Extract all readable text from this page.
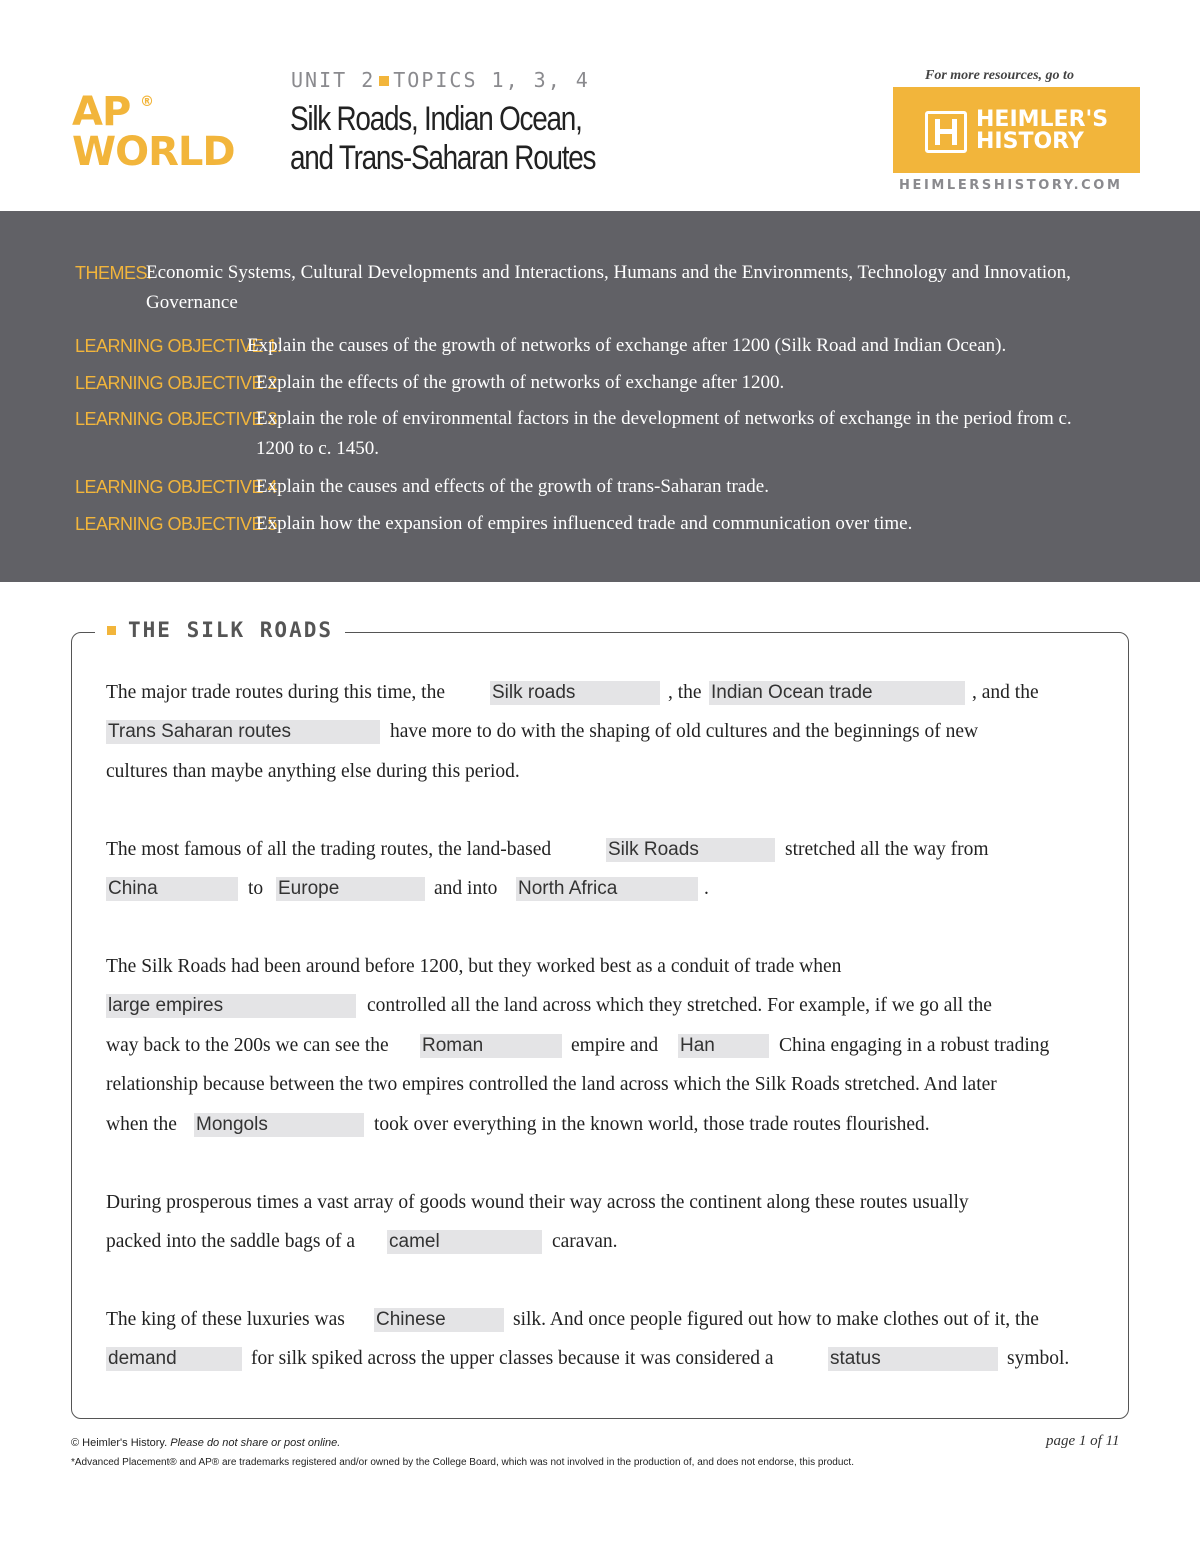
AP ®
WORLD
UNIT 2 TOPICS 1, 3, 4
Silk Roads, Indian Ocean,
and Trans-Saharan Routes
For more resources, go to
HEIMLER'S
HISTORY
HEIMLERSHISTORY.COM
THEMES:
Economic Systems, Cultural Developments and Interactions, Humans and the Environments, Technology and Innovation, Governance
LEARNING OBJECTIVE 1:
Explain the causes of the growth of networks of exchange after 1200 (Silk Road and Indian Ocean).
LEARNING OBJECTIVE 2:
Explain the effects of the growth of networks of exchange after 1200.
LEARNING OBJECTIVE 3:
Explain the role of environmental factors in the development of networks of exchange in the period from c. 1200 to c. 1450.
LEARNING OBJECTIVE 4:
Explain the causes and effects of the growth of trans-Saharan trade.
LEARNING OBJECTIVE 5:
Explain how the expansion of empires influenced trade and communication over time.
THE SILK ROADS
The major trade routes during this time, the Silk roads	, the Indian Ocean trade	, and the
Trans Saharan routes	have more to do with the shaping of old cultures and the beginnings of new
cultures than maybe anything else during this period.
The most famous of all the trading routes, the land-based	Silk Roads	stretched all the way from
China	to Europe	and into North Africa	.
The Silk Roads had been around before 1200, but they worked best as a conduit of trade when
large empires	controlled all the land across which they stretched. For example, if we go all the
way back to the 200s we can see the Roman	empire and Han	China engaging in a robust trading
relationship because between the two empires controlled the land across which the Silk Roads stretched. And later
when the Mongols	took over everything in the known world, those trade routes flourished.
During prosperous times a vast array of goods wound their way across the continent along these routes usually
packed into the saddle bags of a camel	caravan.
The king of these luxuries was Chinese	silk. And once people figured out how to make clothes out of it, the
demand	for silk spiked across the upper classes because it was considered a	status	symbol.
© Heimler's History. Please do not share or post online.
*Advanced Placement® and AP® are trademarks registered and/or owned by the College Board, which was not involved in the production of, and does not endorse, this product.
page 1 of 11
